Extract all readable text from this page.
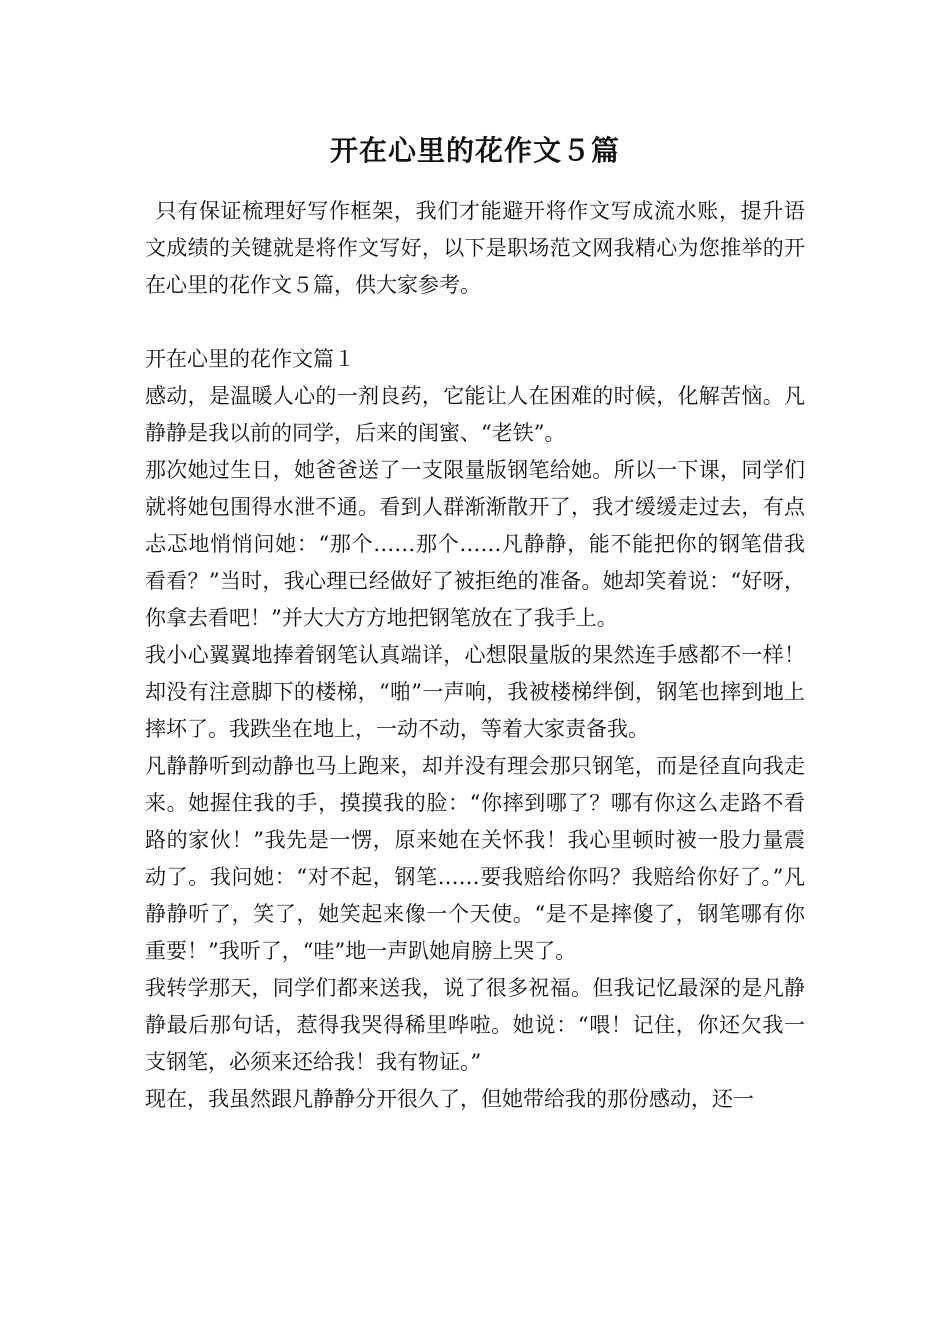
开在心里的花作文５篇

只有保证梳理好写作框架，我们才能避开将作文写成流水账，提升语文成绩的关键就是将作文写好，以下是职场范文网我精心为您推举的开在心里的花作文５篇，供大家参考。

开在心里的花作文篇１

感动，是温暖人心的一剂良药，它能让人在困难的时候，化解苦恼。凡静静是我以前的同学，后来的闺蜜、“老铁”。

那次她过生日，她爸爸送了一支限量版钢笔给她。所以一下课，同学们就将她包围得水泄不通。看到人群渐渐散开了，我才缓缓走过去，有点忐忑地悄悄问她：“那个……那个……凡静静，能不能把你的钢笔借我看看？”当时，我心理已经做好了被拒绝的准备。她却笑着说：“好呀，你拿去看吧！”并大大方方地把钢笔放在了我手上。

我小心翼翼地捧着钢笔认真端详，心想限量版的果然连手感都不一样！却没有注意脚下的楼梯，“啪”一声响，我被楼梯绊倒，钢笔也摔到地上摔坏了。我跌坐在地上，一动不动，等着大家责备我。

凡静静听到动静也马上跑来，却并没有理会那只钢笔，而是径直向我走来。她握住我的手，摸摸我的脸：“你摔到哪了？哪有你这么走路不看路的家伙！”我先是一愣，原来她在关怀我！我心里顿时被一股力量震动了。我问她：“对不起，钢笔……要我赔给你吗？我赔给你好了。”凡静静听了，笑了，她笑起来像一个天使。“是不是摔傻了，钢笔哪有你重要！”我听了，“哇”地一声趴她肩膀上哭了。

我转学那天，同学们都来送我，说了很多祝福。但我记忆最深的是凡静静最后那句话，惹得我哭得稀里哗啦。她说：“喂！记住，你还欠我一支钢笔，必须来还给我！我有物证。”

现在，我虽然跟凡静静分开很久了，但她带给我的那份感动，还一
